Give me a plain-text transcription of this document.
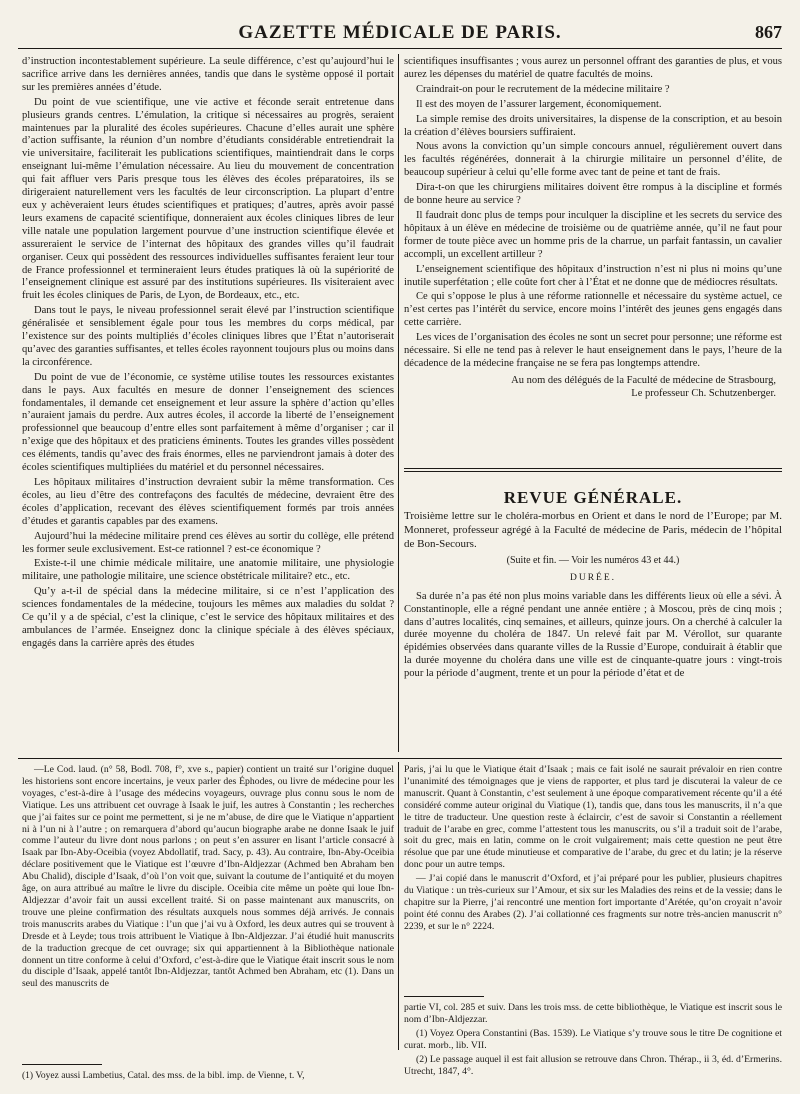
GAZETTE MÉDICALE DE PARIS.	867

d’instruction incontestablement supérieure. La seule différence, c’est qu’aujourd’hui le sacrifice arrive dans les dernières années, tandis que dans le système opposé il portait sur les premières années d’étude.

Du point de vue scientifique, une vie active et féconde serait entretenue dans plusieurs grands centres. L’émulation, la critique si nécessaires au progrès, seraient maintenues par la pluralité des écoles supérieures. Chacune d’elles aurait une sphère d’action suffisante, la réunion d’un nombre d’étudiants considérable entretiendrait la vie universitaire, faciliterait les publications scientifiques, maintiendrait dans le corps enseignant lui-même l’émulation nécessaire. Au lieu du mouvement de concentration qui fait affluer vers Paris presque tous les élèves des écoles préparatoires, ils se dirigeraient naturellement vers les facultés de leur circonscription. La plupart d’entre eux y achèveraient leurs études scientifiques et pratiques; d’autres, après avoir passé leurs examens de capacité scientifique, donneraient aux écoles cliniques libres de leur ville natale une population largement pourvue d’une instruction scientifique élevée et assureraient le service de l’internat des hôpitaux des grandes villes qu’il faudrait organiser. Ceux qui possèdent des ressources individuelles suffisantes feraient leur tour de France professionnel et termineraient leurs études pratiques là où la supériorité de l’enseignement clinique est assuré par des institutions supérieures. Ils visiteraient avec fruit les écoles cliniques de Paris, de Lyon, de Bordeaux, etc., etc.

Dans tout le pays, le niveau professionnel serait élevé par l’instruction scientifique généralisée et sensiblement égale pour tous les membres du corps médical, par l’existence sur des points multipliés d’écoles cliniques libres que l’État n’autoriserait qu’avec des garanties suffisantes, et telles écoles rayonnent toujours plus ou moins dans la circonférence.

Du point de vue de l’économie, ce système utilise toutes les ressources existantes dans le pays. Aux facultés en mesure de donner l’enseignement des sciences fondamentales, il demande cet enseignement et leur assure la sphère d’action qu’elles n’auraient jamais du perdre. Aux autres écoles, il accorde la liberté de l’enseignement professionnel que beaucoup d’entre elles sont parfaitement à même d’organiser ; car il n’exige que des hôpitaux et des praticiens éminents. Toutes les grandes villes possèdent ces éléments, tandis qu’avec des frais énormes, elles ne parviendront jamais à doter des écoles scientifiques multipliées du matériel et du personnel nécessaires.

Les hôpitaux militaires d’instruction devraient subir la même transformation. Ces écoles, au lieu d’être des contrefaçons des facultés de médecine, devraient être des écoles d’application, recevant des élèves scientifiquement formés par trois années d’études et garantis capables par des examens.

Aujourd’hui la médecine militaire prend ces élèves au sortir du collège, elle prétend les former seule exclusivement. Est-ce rationnel ? est-ce économique ?

Existe-t-il une chimie médicale militaire, une anatomie militaire, une physiologie militaire, une pathologie militaire, une science obstétricale militaire? etc., etc.

Qu’y a-t-il de spécial dans la médecine militaire, si ce n’est l’application des sciences fondamentales de la médecine, toujours les mêmes aux maladies du soldat ? Ce qu’il y a de spécial, c’est la clinique, c’est le service des hôpitaux militaires et des ambulances de l’armée. Enseignez donc la clinique spéciale à des élèves spéciaux, engagés dans la carrière après des études

scientifiques insuffisantes ; vous aurez un personnel offrant des garanties de plus, et vous aurez les dépenses du matériel de quatre facultés de moins.

Craindrait-on pour le recrutement de la médecine militaire ?

Il est des moyen de l’assurer largement, économiquement.

La simple remise des droits universitaires, la dispense de la conscription, et au besoin la création d’élèves boursiers suffiraient.

Nous avons la conviction qu’un simple concours annuel, régulièrement ouvert dans les facultés régénérées, donnerait à la chirurgie militaire un personnel d’élite, de beaucoup supérieur à celui qu’elle forme avec tant de peine et tant de frais.

Dira-t-on que les chirurgiens militaires doivent être rompus à la discipline et formés de bonne heure au service ?

Il faudrait donc plus de temps pour inculquer la discipline et les secrets du service des hôpitaux à un élève en médecine de troisième ou de quatrième année, qu’il ne faut pour former de toute pièce avec un homme pris de la charrue, un parfait fantassin, un cavalier accompli, un excellent artilleur ?

L’enseignement scientifique des hôpitaux d’instruction n’est ni plus ni moins qu’une inutile superfétation ; elle coûte fort cher à l’État et ne donne que de médiocres résultats.

Ce qui s’oppose le plus à une réforme rationnelle et nécessaire du système actuel, ce n’est certes pas l’intérêt du service, encore moins l’intérêt des jeunes gens engagés dans cette carrière.

Les vices de l’organisation des écoles ne sont un secret pour personne; une réforme est nécessaire. Si elle ne tend pas à relever le haut enseignement dans le pays, l’heure de la décadence de la médecine française ne se fera pas longtemps attendre.

Au nom des délégués de la Faculté de médecine de Strasbourg,
Le professeur Ch. Schutzenberger.
REVUE GÉNÉRALE.
Troisième lettre sur le choléra-morbus en Orient et dans le nord de l’Europe; par M. Monneret, professeur agrégé à la Faculté de médecine de Paris, médecin de l’hôpital de Bon-Secours.
(Suite et fin. — Voir les numéros 43 et 44.)
DURÉE.

Sa durée n’a pas été non plus moins variable dans les différents lieux où elle a sévi. À Constantinople, elle a régné pendant une année entière ; à Moscou, près de cinq mois ; dans d’autres localités, cinq semaines, et ailleurs, quinze jours. On a cherché à calculer la durée moyenne du choléra de 1847. Un relevé fait par M. Vérollot, sur quarante épidémies observées dans quarante villes de la Russie d’Europe, conduirait à établir que la durée moyenne du choléra dans une ville est de cinquante-quatre jours : vingt-trois pour la période d’augment, trente et un pour la période d’état et de

—Le Cod. laud. (n° 58, Bodl. 708, f°, xve s., papier) contient un traité sur l’origine duquel les historiens sont encore incertains, je veux parler des Éphodes, ou livre de médecine pour les voyages, c’est-à-dire à l’usage des médecins voyageurs, ouvrage plus connu sous le nom de Viatique. Les uns attribuent cet ouvrage à Isaak le juif, les autres à Constantin ; les recherches que j’ai faites sur ce point me permettent, si je ne m’abuse, de dire que le Viatique n’appartient ni à l’un ni à l’autre ; on remarquera d’abord qu’aucun biographe arabe ne donne Isaak le juif comme l’auteur du livre dont nous parlons ; on peut s’en assurer en lisant l’article consacré à Isaak par Ibn-Aby-Oceibia (voyez Abdollatif, trad. Sacy, p. 43). Au contraire, Ibn-Aby-Oceibia déclare positivement que le Viatique est l’œuvre d’Ibn-Aldjezzar (Achmed ben Abraham ben Abu Chalid), disciple d’Isaak, d’où l’on voit que, suivant la coutume de l’antiquité et du moyen âge, on aura attribué au maître le livre du disciple. Oceibia cite même un poète qui loue Ibn-Aldjezzar d’avoir fait un aussi excellent traité. Si on passe maintenant aux manuscrits, on trouve une pleine confirmation des résultats auxquels nous sommes déjà arrivés. Je connais trois manuscrits arabes du Viatique : l’un que j’ai vu à Oxford, les deux autres qui se trouvent à Dresde et à Leyde; tous trois attribuent le Viatique à Ibn-Aldjezzar. J’ai étudié huit manuscrits de la traduction grecque de cet ouvrage; six qui appartiennent à la Bibliothèque nationale donnent un titre conforme à celui d’Oxford, c’est-à-dire que le Viatique était inscrit sous le nom du disciple d’Isaak, appelé tantôt Ibn-Aldjezzar, tantôt Achmed ben Abraham, etc (1). Dans un seul des manuscrits de

(1) Voyez aussi Lambetius, Catal. des mss. de la bibl. imp. de Vienne, t. V,

Paris, j’ai lu que le Viatique était d’Isaak ; mais ce fait isolé ne saurait prévaloir en rien contre l’unanimité des témoignages que je viens de rapporter, et plus tard je discuterai la valeur de ce manuscrit. Quant à Constantin, c’est seulement à une époque comparativement récente qu’il a été considéré comme auteur original du Viatique (1), tandis que, dans tous les manuscrits, il n’a que le titre de traducteur. Une question reste à éclaircir, c’est de savoir si Constantin a réellement traduit de l’arabe en grec, comme l’attestent tous les manuscrits, ou s’il a traduit soit de l’arabe, soit du grec, mais en latin, comme on le croit vulgairement; mais cette question ne peut être résolue que par une étude minutieuse et comparative de l’arabe, du grec et du latin; je la réserve donc pour un autre temps.

— J’ai copié dans le manuscrit d’Oxford, et j’ai préparé pour les publier, plusieurs chapitres du Viatique : un très-curieux sur l’Amour, et six sur les Maladies des reins et de la vessie; dans le chapitre sur la Pierre, j’ai rencontré une mention fort importante d’Arétée, qu’on croyait n’avoir point été connu des Arabes (2). J’ai collationné ces fragments sur notre très-ancien manuscrit n° 2239, et sur le n° 2224.

partie VI, col. 285 et suiv. Dans les trois mss. de cette bibliothèque, le Viatique est inscrit sous le nom d’Ibn-Aldjezzar.

(1) Voyez Opera Constantini (Bas. 1539). Le Viatique s’y trouve sous le titre De cognitione et curat. morb., lib. VII.

(2) Le passage auquel il est fait allusion se retrouve dans Chron. Thérap., ii 3, éd. d’Ermerins. Utrecht, 1847, 4°.
